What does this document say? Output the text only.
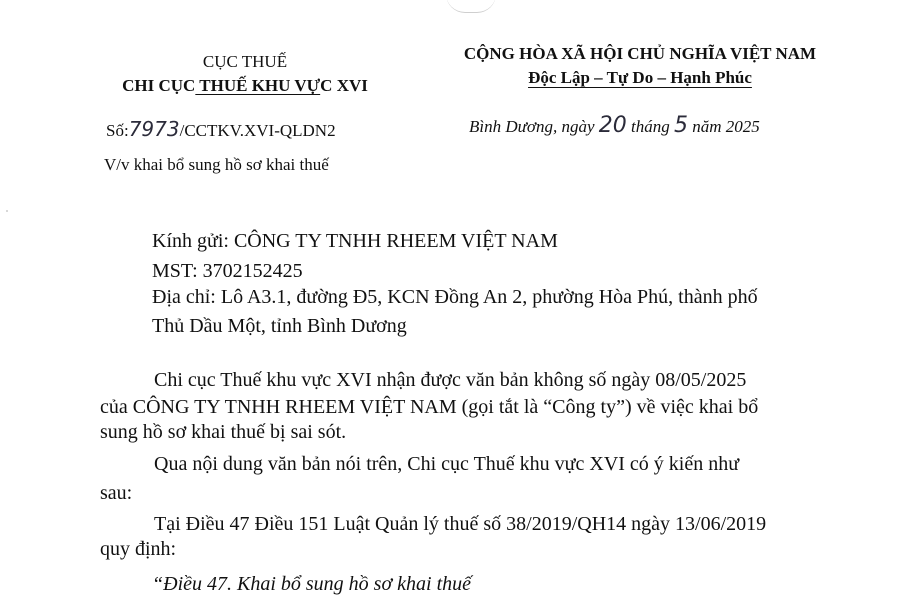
CỤC THUẾ
CHI CỤC THUẾ KHU VỰC XVI
Số:7973/CCTKV.XVI-QLDN2
V/v khai bổ sung hồ sơ khai thuế
CỘNG HÒA XÃ HỘI CHỦ NGHĨA VIỆT NAM
Độc Lập – Tự Do – Hạnh Phúc
Bình Dương, ngày 20 tháng 5 năm 2025
Kính gửi: CÔNG TY TNHH RHEEM VIỆT NAM
MST: 3702152425
Địa chỉ: Lô A3.1, đường Đ5, KCN Đồng An 2, phường Hòa Phú, thành phố
Thủ Dầu Một, tỉnh Bình Dương
Chi cục Thuế khu vực XVI nhận được văn bản không số ngày 08/05/2025
của CÔNG TY TNHH RHEEM VIỆT NAM (gọi tắt là “Công ty”) về việc khai bổ
sung hồ sơ khai thuế bị sai sót.
Qua nội dung văn bản nói trên, Chi cục Thuế khu vực XVI có ý kiến như
sau:
Tại Điều 47 Điều 151 Luật Quản lý thuế số 38/2019/QH14 ngày 13/06/2019
quy định:
“Điều 47. Khai bổ sung hồ sơ khai thuế
